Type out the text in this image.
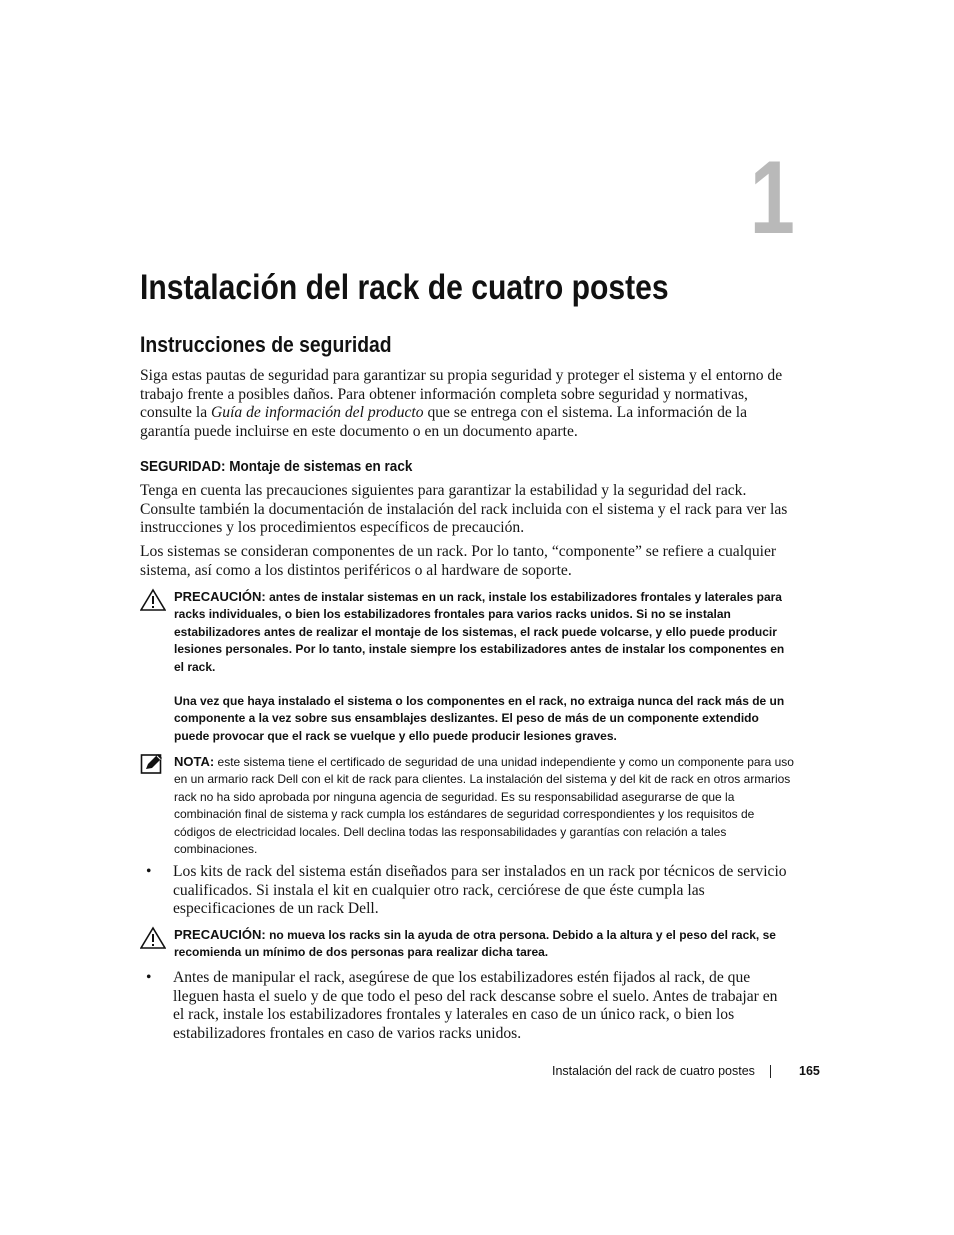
1
Instalación del rack de cuatro postes
Instrucciones de seguridad

Siga estas pautas de seguridad para garantizar su propia seguridad y proteger el sistema y el entorno de trabajo frente a posibles daños. Para obtener información completa sobre seguridad y normativas, consulte la Guía de información del producto que se entrega con el sistema. La información de la garantía puede incluirse en este documento o en un documento aparte.

SEGURIDAD: Montaje de sistemas en rack

Tenga en cuenta las precauciones siguientes para garantizar la estabilidad y la seguridad del rack. Consulte también la documentación de instalación del rack incluida con el sistema y el rack para ver las instrucciones y los procedimientos específicos de precaución.

Los sistemas se consideran componentes de un rack. Por lo tanto, “componente” se refiere a cualquier sistema, así como a los distintos periféricos o al hardware de soporte.

PRECAUCIÓN: antes de instalar sistemas en un rack, instale los estabilizadores frontales y laterales para racks individuales, o bien los estabilizadores frontales para varios racks unidos. Si no se instalan estabilizadores antes de realizar el montaje de los sistemas, el rack puede volcarse, y ello puede producir lesiones personales. Por lo tanto, instale siempre los estabilizadores antes de instalar los componentes en el rack.

Una vez que haya instalado el sistema o los componentes en el rack, no extraiga nunca del rack más de un componente a la vez sobre sus ensamblajes deslizantes. El peso de más de un componente extendido puede provocar que el rack se vuelque y ello puede producir lesiones graves.

NOTA: este sistema tiene el certificado de seguridad de una unidad independiente y como un componente para uso en un armario rack Dell con el kit de rack para clientes. La instalación del sistema y del kit de rack en otros armarios rack no ha sido aprobada por ninguna agencia de seguridad. Es su responsabilidad asegurarse de que la combinación final de sistema y rack cumpla los estándares de seguridad correspondientes y los requisitos de códigos de electricidad locales. Dell declina todas las responsabilidades y garantías con relación a tales combinaciones.

• Los kits de rack del sistema están diseñados para ser instalados en un rack por técnicos de servicio cualificados. Si instala el kit en cualquier otro rack, cerciórese de que éste cumpla las especificaciones de un rack Dell.

PRECAUCIÓN: no mueva los racks sin la ayuda de otra persona. Debido a la altura y el peso del rack, se recomienda un mínimo de dos personas para realizar dicha tarea.

• Antes de manipular el rack, asegúrese de que los estabilizadores estén fijados al rack, de que lleguen hasta el suelo y de que todo el peso del rack descanse sobre el suelo. Antes de trabajar en el rack, instale los estabilizadores frontales y laterales en caso de un único rack, o bien los estabilizadores frontales en caso de varios racks unidos.

Instalación del rack de cuatro postes	165
